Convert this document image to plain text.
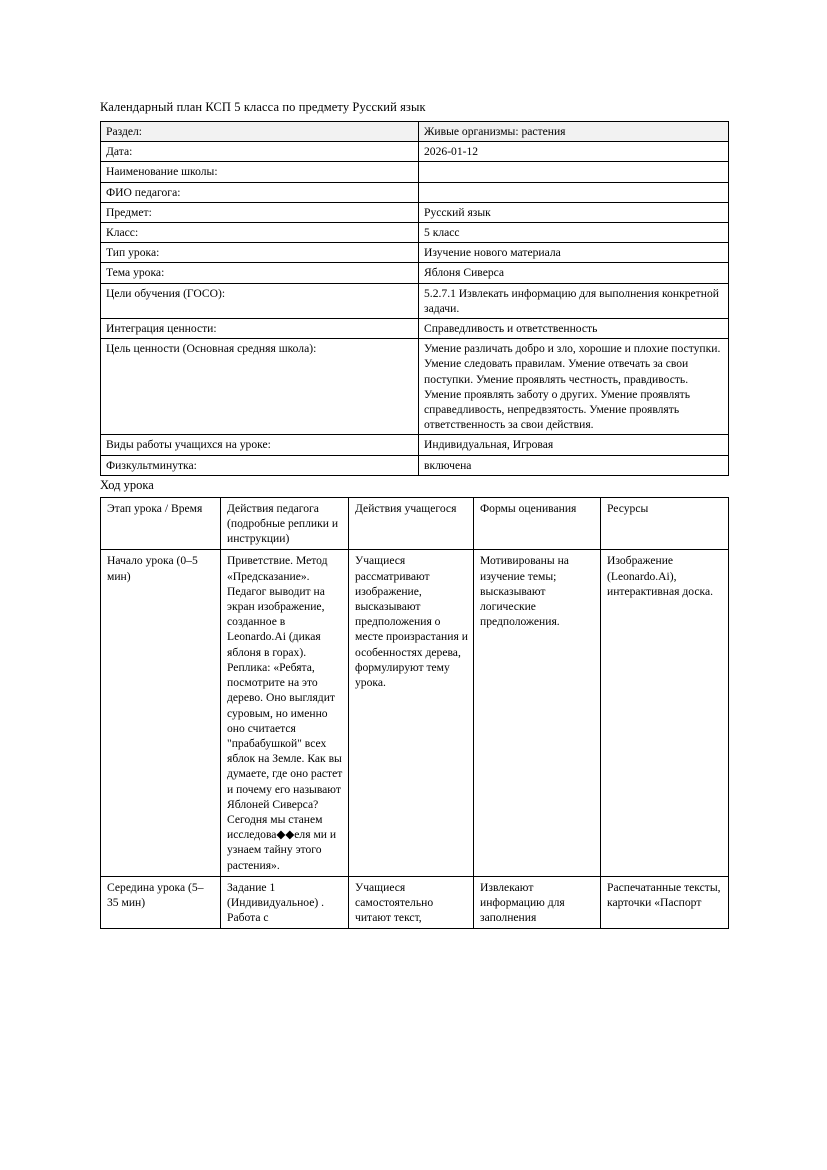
Календарный план КСП 5 класса по предмету Русский язык

Раздел:	Живые организмы: растения
Дата:	2026-01-12
Наименование школы:	
ФИО педагога:	
Предмет:	Русский язык
Класс:	5 класс
Тип урока:	Изучение нового материала
Тема урока:	Яблоня Сиверса
Цели обучения (ГОСО):	5.2.7.1 Извлекать информацию для выполнения конкретной задачи.
Интеграция ценности:	Справедливость и ответственность
Цель ценности (Основная средняя школа):	Умение различать добро и зло, хорошие и плохие поступки. Умение следовать правилам. Умение отвечать за свои поступки. Умение проявлять честность, правдивость. Умение проявлять заботу о других. Умение проявлять справедливость, непредвзятость. Умение проявлять ответственность за свои действия.
Виды работы учащихся на уроке:	Индивидуальная, Игровая
Физкультминутка:	включена

Ход урока

Этап урока / Время	Действия педагога (подробные реплики и инструкции)	Действия учащегося	Формы оценивания	Ресурсы
Начало урока (0–5 мин)	Приветствие. Метод «Предсказание». Педагог выводит на экран изображение, созданное в Leonardo.Ai (дикая яблоня в горах). Реплика: «Ребята, посмотрите на это дерево. Оно выглядит суровым, но именно оно считается "прабабушкой" всех яблок на Земле. Как вы думаете, где оно растет и почему его называют Яблоней Сиверса? Сегодня мы станем исследова◆◆еля ми и узнаем тайну этого растения».	Учащиеся рассматривают изображение, высказывают предположения о месте произрастания и особенностях дерева, формулируют тему урока.	Мотивированы на изучение темы; высказывают логические предположения.	Изображение (Leonardo.Ai), интерактивная доска.
Середина урока (5–35 мин)	Задание 1 (Индивидуальное) . Работа с	Учащиеся самостоятельно читают текст,	Извлекают информацию для заполнения	Распечатанные тексты, карточки «Паспорт
